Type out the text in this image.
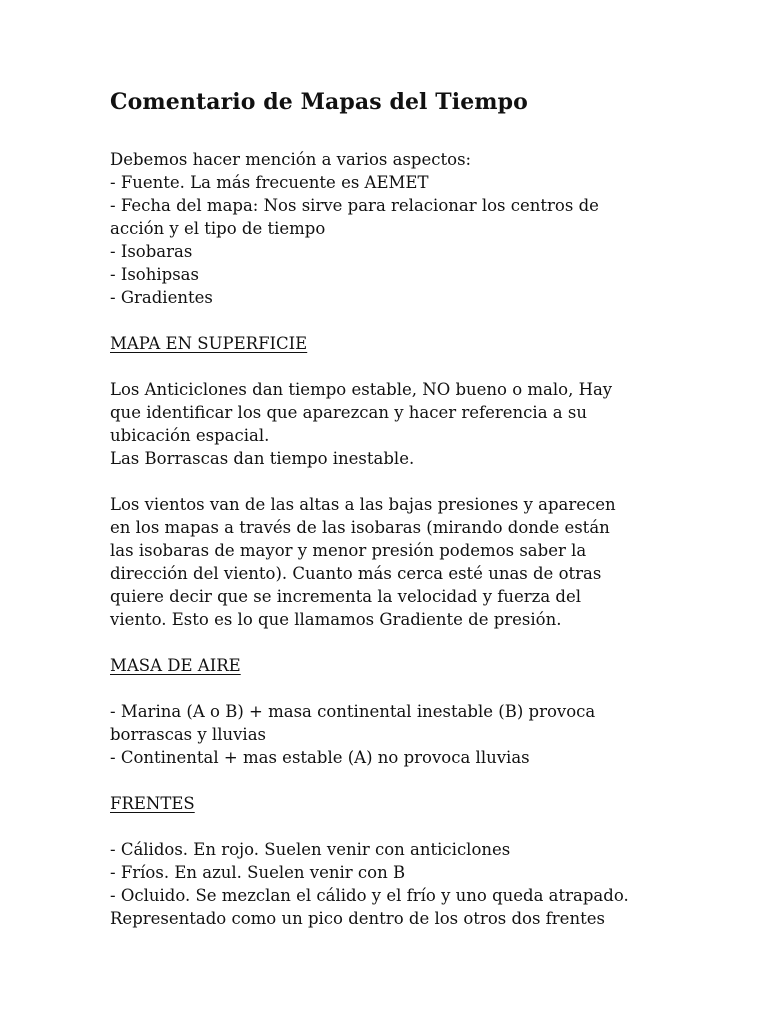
Comentario de Mapas del Tiempo

Debemos hacer mención a varios aspectos:
- Fuente. La más frecuente es AEMET
- Fecha del mapa: Nos sirve para relacionar los centros de
acción y el tipo de tiempo
- Isobaras
- Isohipsas
- Gradientes

MAPA EN SUPERFICIE

Los Anticiclones dan tiempo estable, NO bueno o malo, Hay
que identificar los que aparezcan y hacer referencia a su
ubicación espacial.
Las Borrascas dan tiempo inestable.

Los vientos van de las altas a las bajas presiones y aparecen
en los mapas a través de las isobaras (mirando donde están
las isobaras de mayor y menor presión podemos saber la
dirección del viento). Cuanto más cerca esté unas de otras
quiere decir que se incrementa la velocidad y fuerza del
viento. Esto es lo que llamamos Gradiente de presión.

MASA DE AIRE

- Marina (A o B) + masa continental inestable (B) provoca
borrascas y lluvias
- Continental + mas estable (A) no provoca lluvias

FRENTES

- Cálidos. En rojo. Suelen venir con anticiclones
- Fríos. En azul. Suelen venir con B
- Ocluido. Se mezclan el cálido y el frío y uno queda atrapado.
Representado como un pico dentro de los otros dos frentes
